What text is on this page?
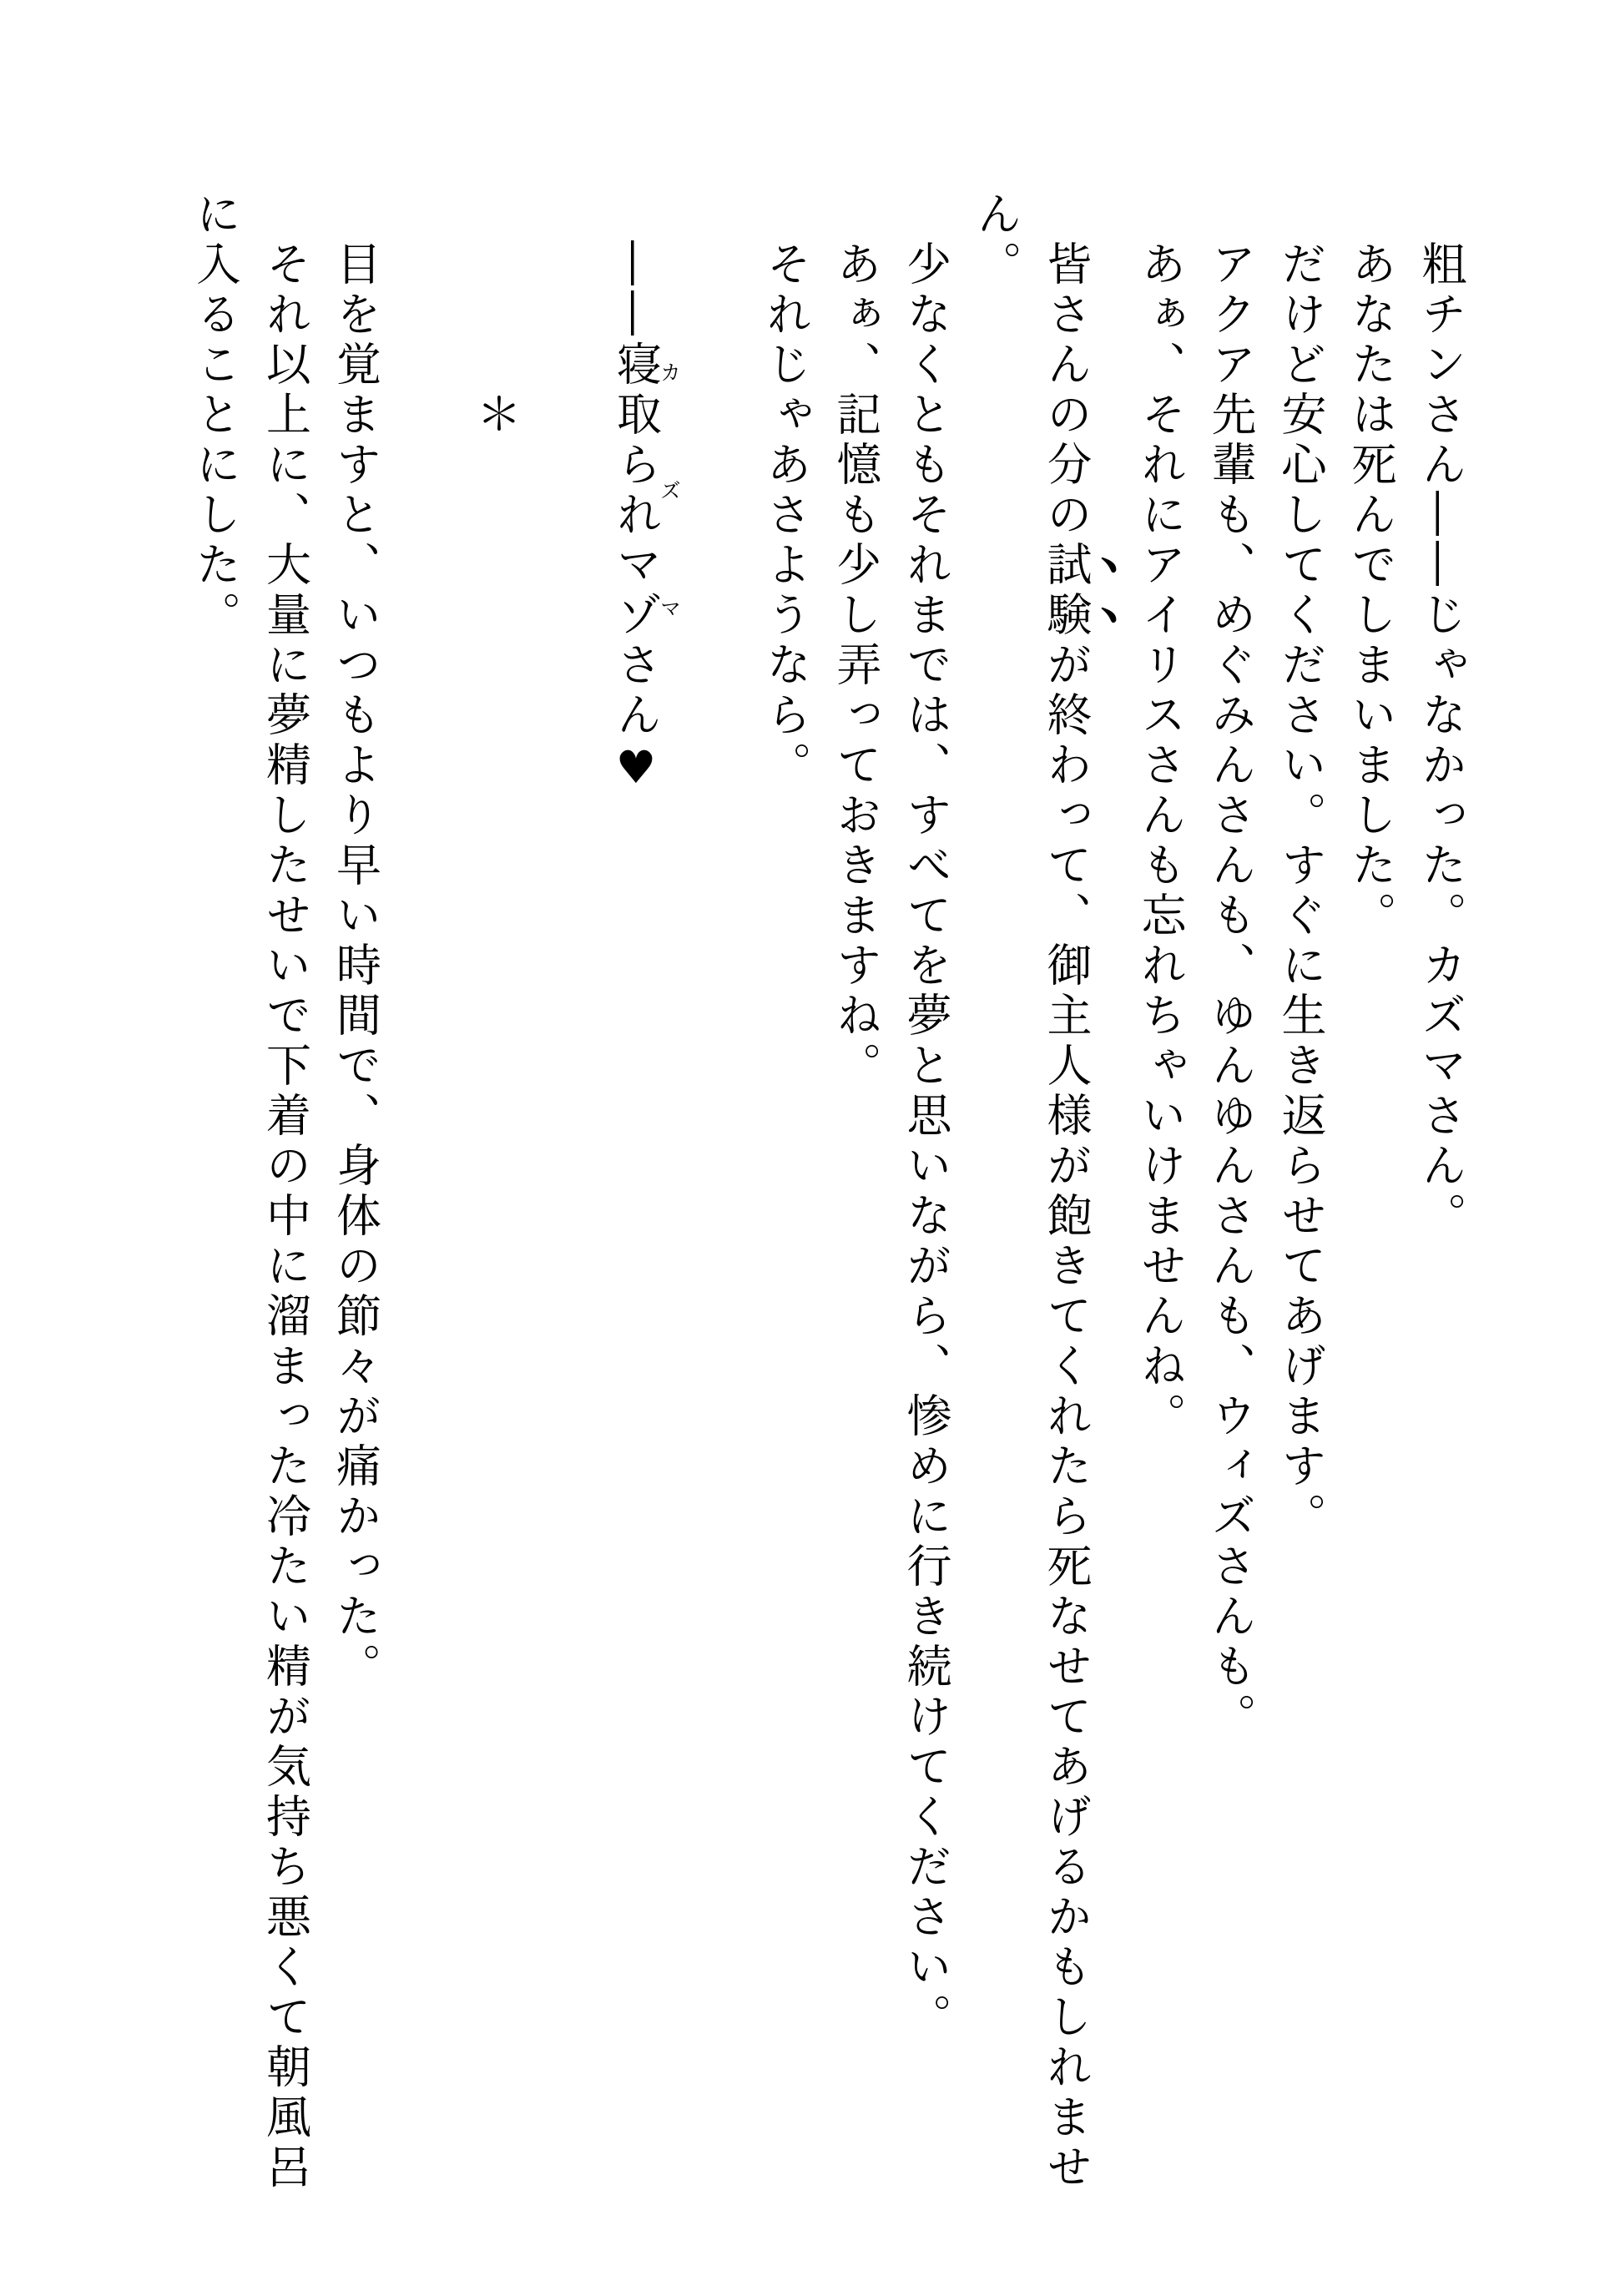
粗チンさん――じゃなかった。カズマさん。

あなたは死んでしまいました。

だけど安心してください。すぐに生き返らせてあげます。

アクア先輩も、めぐみんさんも、ゆんゆんさんも、ウィズさんも。

あぁ、それにアイリスさんも忘れちゃいけませんね。

皆さんの分の試験が終わって、御主人様が飽きてくれたら死なせてあげるかもしれませ
ん。

少なくともそれまでは、すべてを夢と思いながら、惨めに行き続けてください。

あぁ、記憶も少し弄っておきますね。

それじゃあさようなら。

――寝取られマゾカズマさん♥

＊

目を覚ますと、いつもより早い時間で、身体の節々が痛かった。

それ以上に、大量に夢精したせいで下着の中に溜まった冷たい精が気持ち悪くて朝風呂
に入ることにした。
